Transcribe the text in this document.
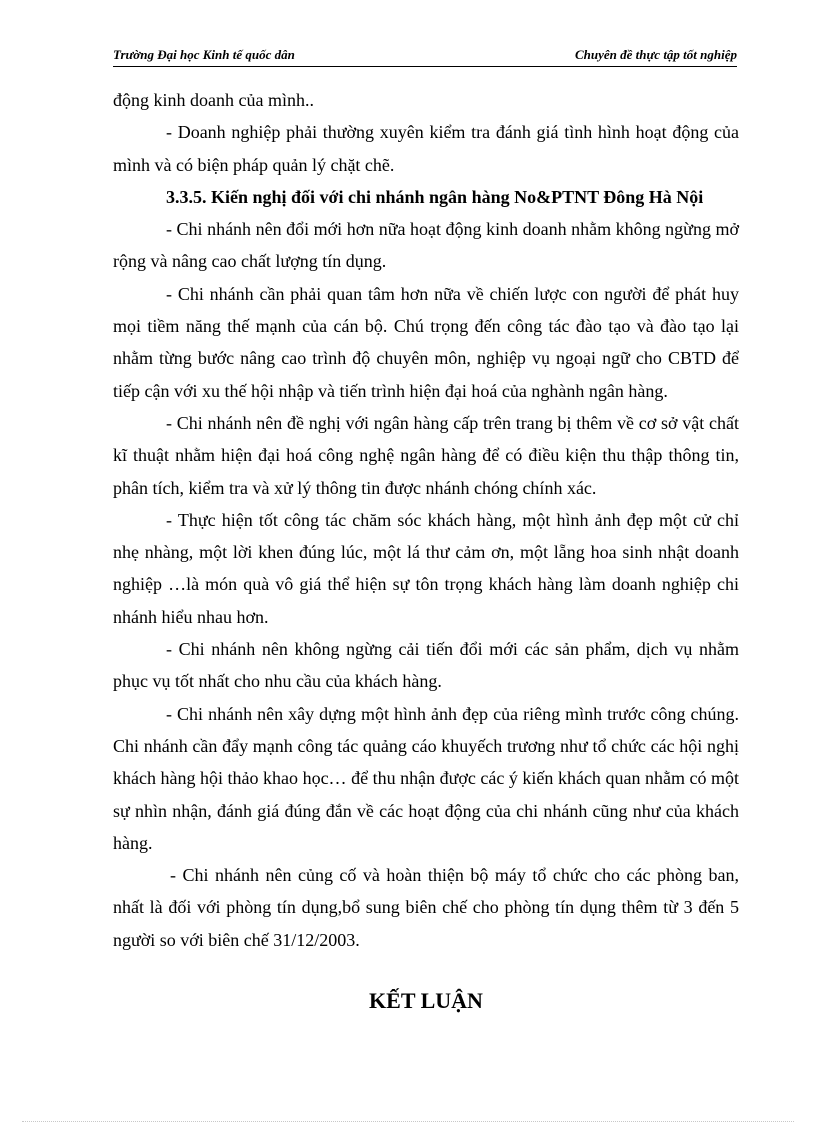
Trường Đại học Kinh tế quốc dân	Chuyên đề thực tập tốt nghiệp

động kinh doanh của mình..

- Doanh nghiệp phải thường xuyên kiểm tra đánh giá tình hình hoạt động của mình và có biện pháp quản lý chặt chẽ.

3.3.5. Kiến nghị đối với chi nhánh ngân hàng No&PTNT Đông Hà Nội

- Chi nhánh nên đổi mới hơn nữa hoạt động kinh doanh nhằm không ngừng mở rộng và nâng cao chất lượng tín dụng.

- Chi nhánh cần phải quan tâm hơn nữa về chiến lược con người để phát huy mọi tiềm năng thế mạnh của cán bộ. Chú trọng đến công tác đào tạo và đào tạo lại nhằm từng bước nâng cao trình độ chuyên môn, nghiệp vụ ngoại ngữ cho CBTD để tiếp cận với xu thế hội nhập và tiến trình hiện đại hoá của nghành ngân hàng.

- Chi nhánh nên đề nghị với ngân hàng cấp trên trang bị thêm về cơ sở vật chất kĩ thuật nhằm hiện đại hoá công nghệ ngân hàng để có điều kiện thu thập thông tin, phân tích, kiểm tra và xử lý thông tin được nhánh chóng chính xác.

- Thực hiện tốt công tác chăm sóc khách hàng, một hình ảnh đẹp một cử chỉ nhẹ nhàng, một lời khen đúng lúc, một lá thư cảm ơn, một lẵng hoa sinh nhật doanh nghiệp …là món quà vô giá thể hiện sự tôn trọng khách hàng làm doanh nghiệp chi nhánh hiểu nhau hơn.

- Chi nhánh nên không ngừng cải tiến đổi mới các sản phẩm, dịch vụ nhằm phục vụ tốt nhất cho nhu cầu của khách hàng.

- Chi nhánh nên xây dựng một hình ảnh đẹp của riêng mình trước công chúng. Chi nhánh cần đẩy mạnh công tác quảng cáo khuyếch trương như tổ chức các hội nghị khách hàng hội thảo khao học… để thu nhận được các ý kiến khách quan nhằm có một sự nhìn nhận, đánh giá đúng đắn về các hoạt động của chi nhánh cũng như của khách hàng.

- Chi nhánh nên củng cố và hoàn thiện bộ máy tổ chức cho các phòng ban, nhất là đối với phòng tín dụng,bổ sung biên chế cho phòng tín dụng thêm từ 3 đến 5 người so với biên chế 31/12/2003.

KẾT LUẬN
